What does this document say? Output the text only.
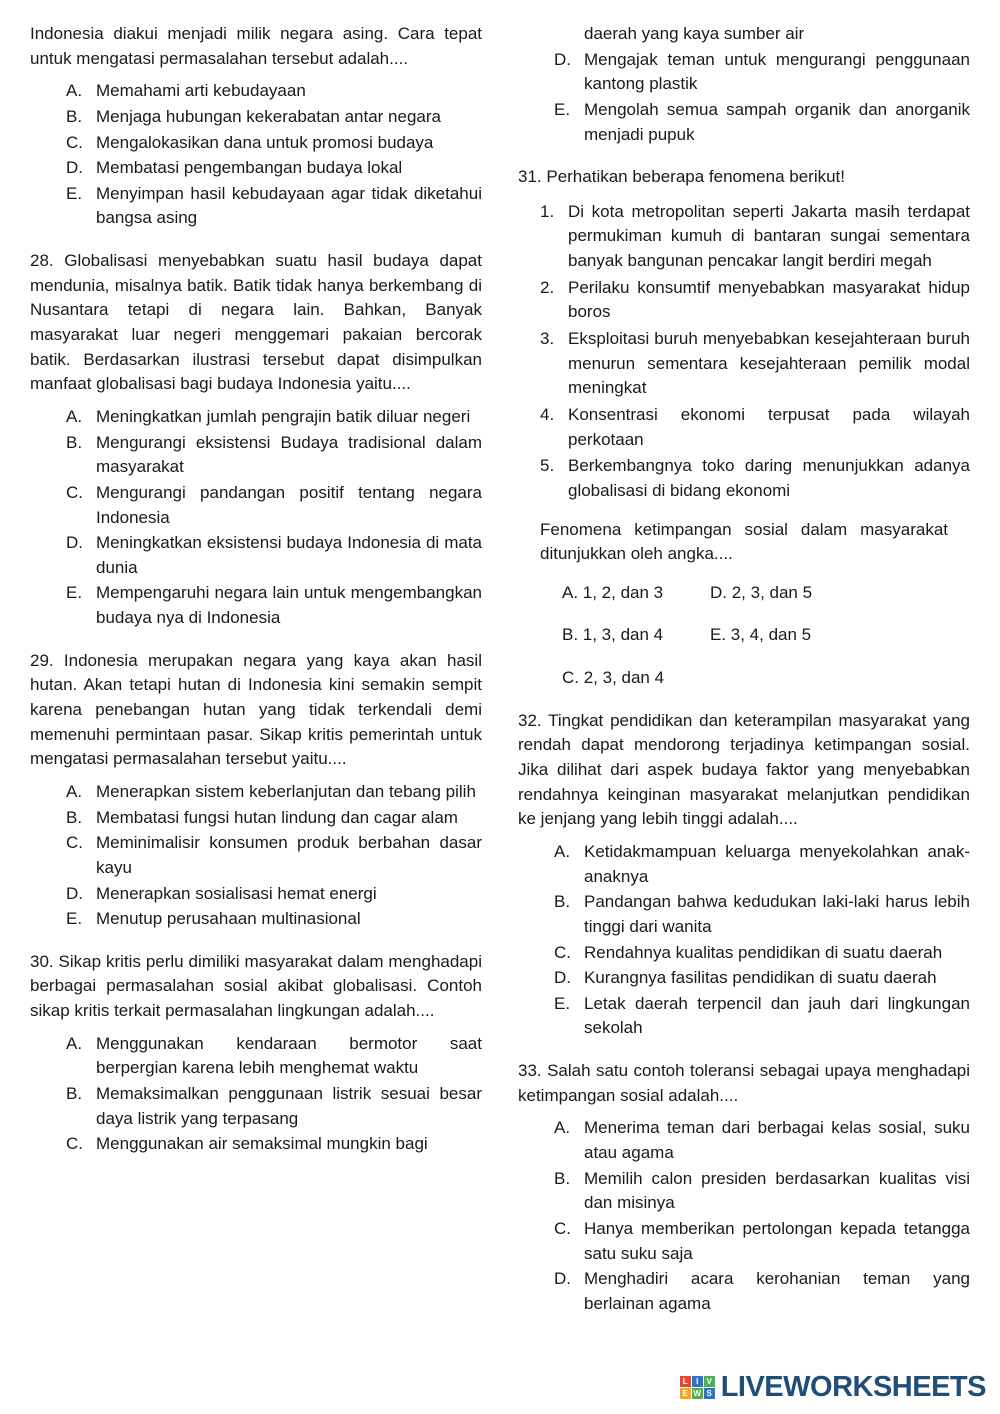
Indonesia diakui menjadi milik negara asing. Cara tepat untuk mengatasi permasalahan tersebut adalah....

A. Memahami arti kebudayaan
B. Menjaga hubungan kekerabatan antar negara
C. Mengalokasikan dana untuk promosi budaya
D. Membatasi pengembangan budaya lokal
E. Menyimpan hasil kebudayaan agar tidak diketahui bangsa asing

28. Globalisasi menyebabkan suatu hasil budaya dapat mendunia, misalnya batik. Batik tidak hanya berkembang di Nusantara tetapi di negara lain. Bahkan, Banyak masyarakat luar negeri menggemari pakaian bercorak batik. Berdasarkan ilustrasi tersebut dapat disimpulkan manfaat globalisasi bagi budaya Indonesia yaitu....

A. Meningkatkan jumlah pengrajin batik diluar negeri
B. Mengurangi eksistensi Budaya tradisional dalam masyarakat
C. Mengurangi pandangan positif tentang negara Indonesia
D. Meningkatkan eksistensi budaya Indonesia di mata dunia
E. Mempengaruhi negara lain untuk mengembangkan budaya nya di Indonesia

29. Indonesia merupakan negara yang kaya akan hasil hutan. Akan tetapi hutan di Indonesia kini semakin sempit karena penebangan hutan yang tidak terkendali demi memenuhi permintaan pasar. Sikap kritis pemerintah untuk mengatasi permasalahan tersebut yaitu....

A. Menerapkan sistem keberlanjutan dan tebang pilih
B. Membatasi fungsi hutan lindung dan cagar alam
C. Meminimalisir konsumen produk berbahan dasar kayu
D. Menerapkan sosialisasi hemat energi
E. Menutup perusahaan multinasional

30. Sikap kritis perlu dimiliki masyarakat dalam menghadapi berbagai permasalahan sosial akibat globalisasi. Contoh sikap kritis terkait permasalahan lingkungan adalah....

A. Menggunakan kendaraan bermotor saat berpergian karena lebih menghemat waktu
B. Memaksimalkan penggunaan listrik sesuai besar daya listrik yang terpasang
C. Menggunakan air semaksimal mungkin bagi
daerah yang kaya sumber air
D. Mengajak teman untuk mengurangi penggunaan kantong plastik
E. Mengolah semua sampah organik dan anorganik menjadi pupuk

31. Perhatikan beberapa fenomena berikut!

1. Di kota metropolitan seperti Jakarta masih terdapat permukiman kumuh di bantaran sungai sementara banyak bangunan pencakar langit berdiri megah
2. Perilaku konsumtif menyebabkan masyarakat hidup boros
3. Eksploitasi buruh menyebabkan kesejahteraan buruh menurun sementara kesejahteraan pemilik modal meningkat
4. Konsentrasi ekonomi terpusat pada wilayah perkotaan
5. Berkembangnya toko daring menunjukkan adanya globalisasi di bidang ekonomi

Fenomena ketimpangan sosial dalam masyarakat ditunjukkan oleh angka....

A. 1, 2, dan 3	D. 2, 3, dan 5
B. 1, 3, dan 4	E. 3, 4, dan 5
C. 2, 3, dan 4

32. Tingkat pendidikan dan keterampilan masyarakat yang rendah dapat mendorong terjadinya ketimpangan sosial. Jika dilihat dari aspek budaya faktor yang menyebabkan rendahnya keinginan masyarakat melanjutkan pendidikan ke jenjang yang lebih tinggi adalah....

A. Ketidakmampuan keluarga menyekolahkan anak- anaknya
B. Pandangan bahwa kedudukan laki-laki harus lebih tinggi dari wanita
C. Rendahnya kualitas pendidikan di suatu daerah
D. Kurangnya fasilitas pendidikan di suatu daerah
E. Letak daerah terpencil dan jauh dari lingkungan sekolah

33. Salah satu contoh toleransi sebagai upaya menghadapi ketimpangan sosial adalah....

A. Menerima teman dari berbagai kelas sosial, suku atau agama
B. Memilih calon presiden berdasarkan kualitas visi dan misinya
C. Hanya memberikan pertolongan kepada tetangga satu suku saja
D. Menghadiri acara kerohanian teman yang berlainan agama
L	I	V
E W S LIVEWORKSHEETS
